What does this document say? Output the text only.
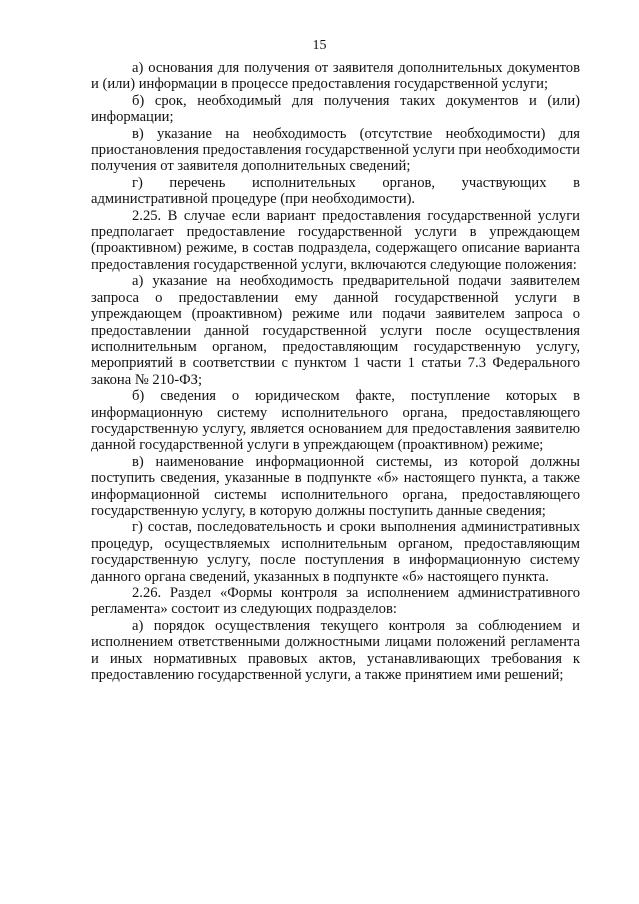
15

а) основания для получения от заявителя дополнительных документов и (или) информации в процессе предоставления государственной услуги;

б) срок, необходимый для получения таких документов и (или) информации;

в) указание на необходимость (отсутствие необходимости) для приостановления предоставления государственной услуги при необходимости получения от заявителя дополнительных сведений;

г) перечень исполнительных органов, участвующих в административной процедуре (при необходимости).

2.25. В случае если вариант предоставления государственной услуги предполагает предоставление государственной услуги в упреждающем (проактивном) режиме, в состав подраздела, содержащего описание варианта предоставления государственной услуги, включаются следующие положения:

а) указание на необходимость предварительной подачи заявителем запроса о предоставлении ему данной государственной услуги в упреждающем (проактивном) режиме или подачи заявителем запроса о предоставлении данной государственной услуги после осуществления исполнительным органом, предоставляющим государственную услугу, мероприятий в соответствии с пунктом 1 части 1 статьи 7.3 Федерального закона № 210-ФЗ;

б) сведения о юридическом факте, поступление которых в информационную систему исполнительного органа, предоставляющего государственную услугу, является основанием для предоставления заявителю данной государственной услуги в упреждающем (проактивном) режиме;

в) наименование информационной системы, из которой должны поступить сведения, указанные в подпункте «б» настоящего пункта, а также информационной системы исполнительного органа, предоставляющего государственную услугу, в которую должны поступить данные сведения;

г) состав, последовательность и сроки выполнения административных процедур, осуществляемых исполнительным органом, предоставляющим государственную услугу, после поступления в информационную систему данного органа сведений, указанных в подпункте «б» настоящего пункта.

2.26. Раздел «Формы контроля за исполнением административного регламента» состоит из следующих подразделов:

а) порядок осуществления текущего контроля за соблюдением и исполнением ответственными должностными лицами положений регламента и иных нормативных правовых актов, устанавливающих требования к предоставлению государственной услуги, а также принятием ими решений;
